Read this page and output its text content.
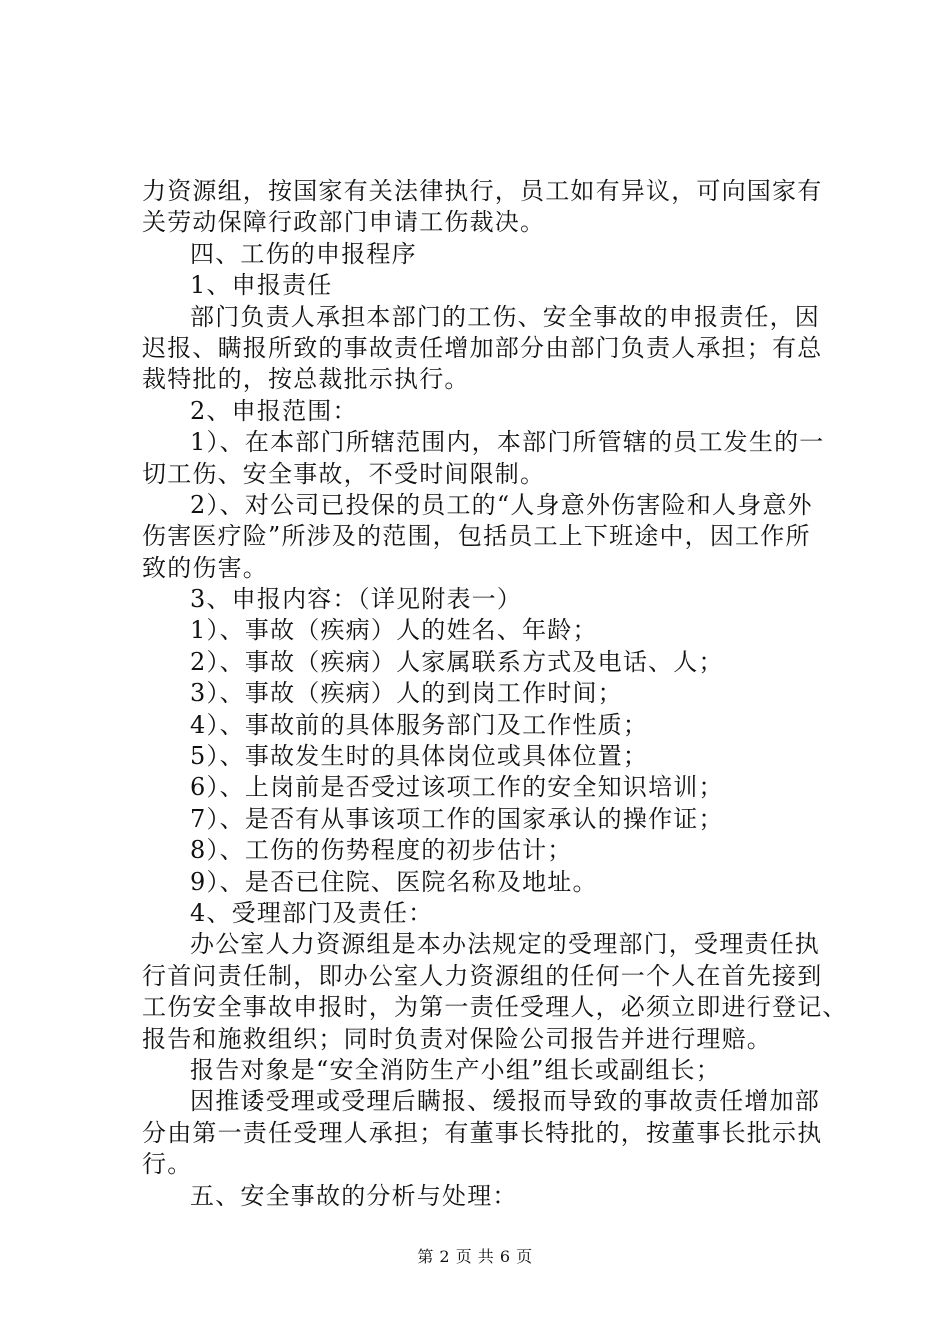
力资源组，按国家有关法律执行，员工如有异议，可向国家有
关劳动保障行政部门申请工伤裁决。
四、工伤的申报程序
1、申报责任
部门负责人承担本部门的工伤、安全事故的申报责任，因
迟报、瞒报所致的事故责任增加部分由部门负责人承担；有总
裁特批的，按总裁批示执行。
2、申报范围：
1）、在本部门所辖范围内，本部门所管辖的员工发生的一
切工伤、安全事故，不受时间限制。
2）、对公司已投保的员工的“人身意外伤害险和人身意外
伤害医疗险”所涉及的范围，包括员工上下班途中，因工作所
致的伤害。
3、申报内容：（详见附表一）
1）、事故（疾病）人的姓名、年龄；
2）、事故（疾病）人家属联系方式及电话、人；
3）、事故（疾病）人的到岗工作时间；
4）、事故前的具体服务部门及工作性质；
5）、事故发生时的具体岗位或具体位置；
6）、上岗前是否受过该项工作的安全知识培训；
7）、是否有从事该项工作的国家承认的操作证；
8）、工伤的伤势程度的初步估计；
9）、是否已住院、医院名称及地址。
4、受理部门及责任：
办公室人力资源组是本办法规定的受理部门，受理责任执
行首问责任制，即办公室人力资源组的任何一个人在首先接到
工伤安全事故申报时，为第一责任受理人，必须立即进行登记、
报告和施救组织；同时负责对保险公司报告并进行理赔。
报告对象是“安全消防生产小组”组长或副组长；
因推诿受理或受理后瞒报、缓报而导致的事故责任增加部
分由第一责任受理人承担；有董事长特批的，按董事长批示执
行。
五、安全事故的分析与处理：
第 2 页 共 6 页
